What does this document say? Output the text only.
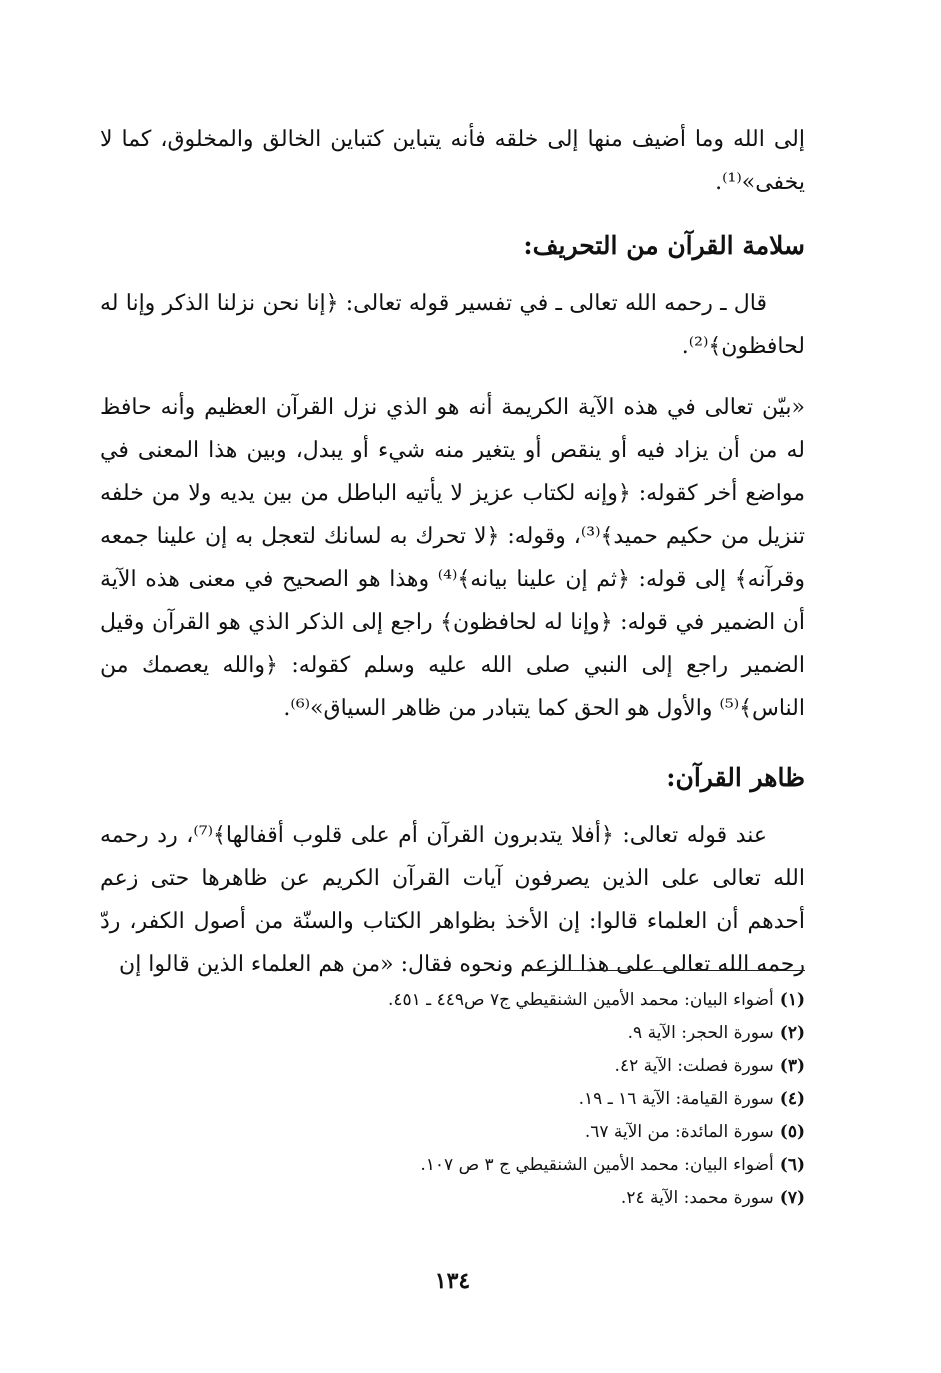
إلى الله وما أضيف منها إلى خلقه فأنه يتباين كتباين الخالق والمخلوق، كما لا يخفى»⁽¹⁾.

سلامة القرآن من التحريف:

قال ـ رحمه الله تعالى ـ في تفسير قوله تعالى: ﴿إنا نحن نزلنا الذكر وإنا له لحافظون﴾⁽²⁾.

«بيّن تعالى في هذه الآية الكريمة أنه هو الذي نزل القرآن العظيم وأنه حافظ له من أن يزاد فيه أو ينقص أو يتغير منه شيء أو يبدل، وبين هذا المعنى في مواضع أخر كقوله: ﴿وإنه لكتاب عزيز لا يأتيه الباطل من بين يديه ولا من خلفه تنزيل من حكيم حميد﴾⁽³⁾، وقوله: ﴿لا تحرك به لسانك لتعجل به إن علينا جمعه وقرآنه﴾ إلى قوله: ﴿ثم إن علينا بيانه﴾⁽⁴⁾ وهذا هو الصحيح في معنى هذه الآية أن الضمير في قوله: ﴿وإنا له لحافظون﴾ راجع إلى الذكر الذي هو القرآن وقيل الضمير راجع إلى النبي صلى الله عليه وسلم كقوله: ﴿والله يعصمك من الناس﴾⁽⁵⁾ والأول هو الحق كما يتبادر من ظاهر السياق»⁽⁶⁾.

ظاهر القرآن:

عند قوله تعالى: ﴿أفلا يتدبرون القرآن أم على قلوب أقفالها﴾⁽⁷⁾، رد رحمه الله تعالى على الذين يصرفون آيات القرآن الكريم عن ظاهرها حتى زعم أحدهم أن العلماء قالوا: إن الأخذ بظواهر الكتاب والسنّة من أصول الكفر، ردّ رحمه الله تعالى على هذا الزعم ونحوه فقال: «من هم العلماء الذين قالوا إن

(١)أضواء البيان: محمد الأمين الشنقيطي ج٧ ص٤٤٩ ـ ٤٥١.
(٢)سورة الحجر: الآية ٩.
(٣)سورة فصلت: الآية ٤٢.
(٤)سورة القيامة: الآية ١٦ ـ ١٩.
(٥)سورة المائدة: من الآية ٦٧.
(٦)أضواء البيان: محمد الأمين الشنقيطي ج ٣ ص ١٠٧.
(٧)سورة محمد: الآية ٢٤.
١٣٤
